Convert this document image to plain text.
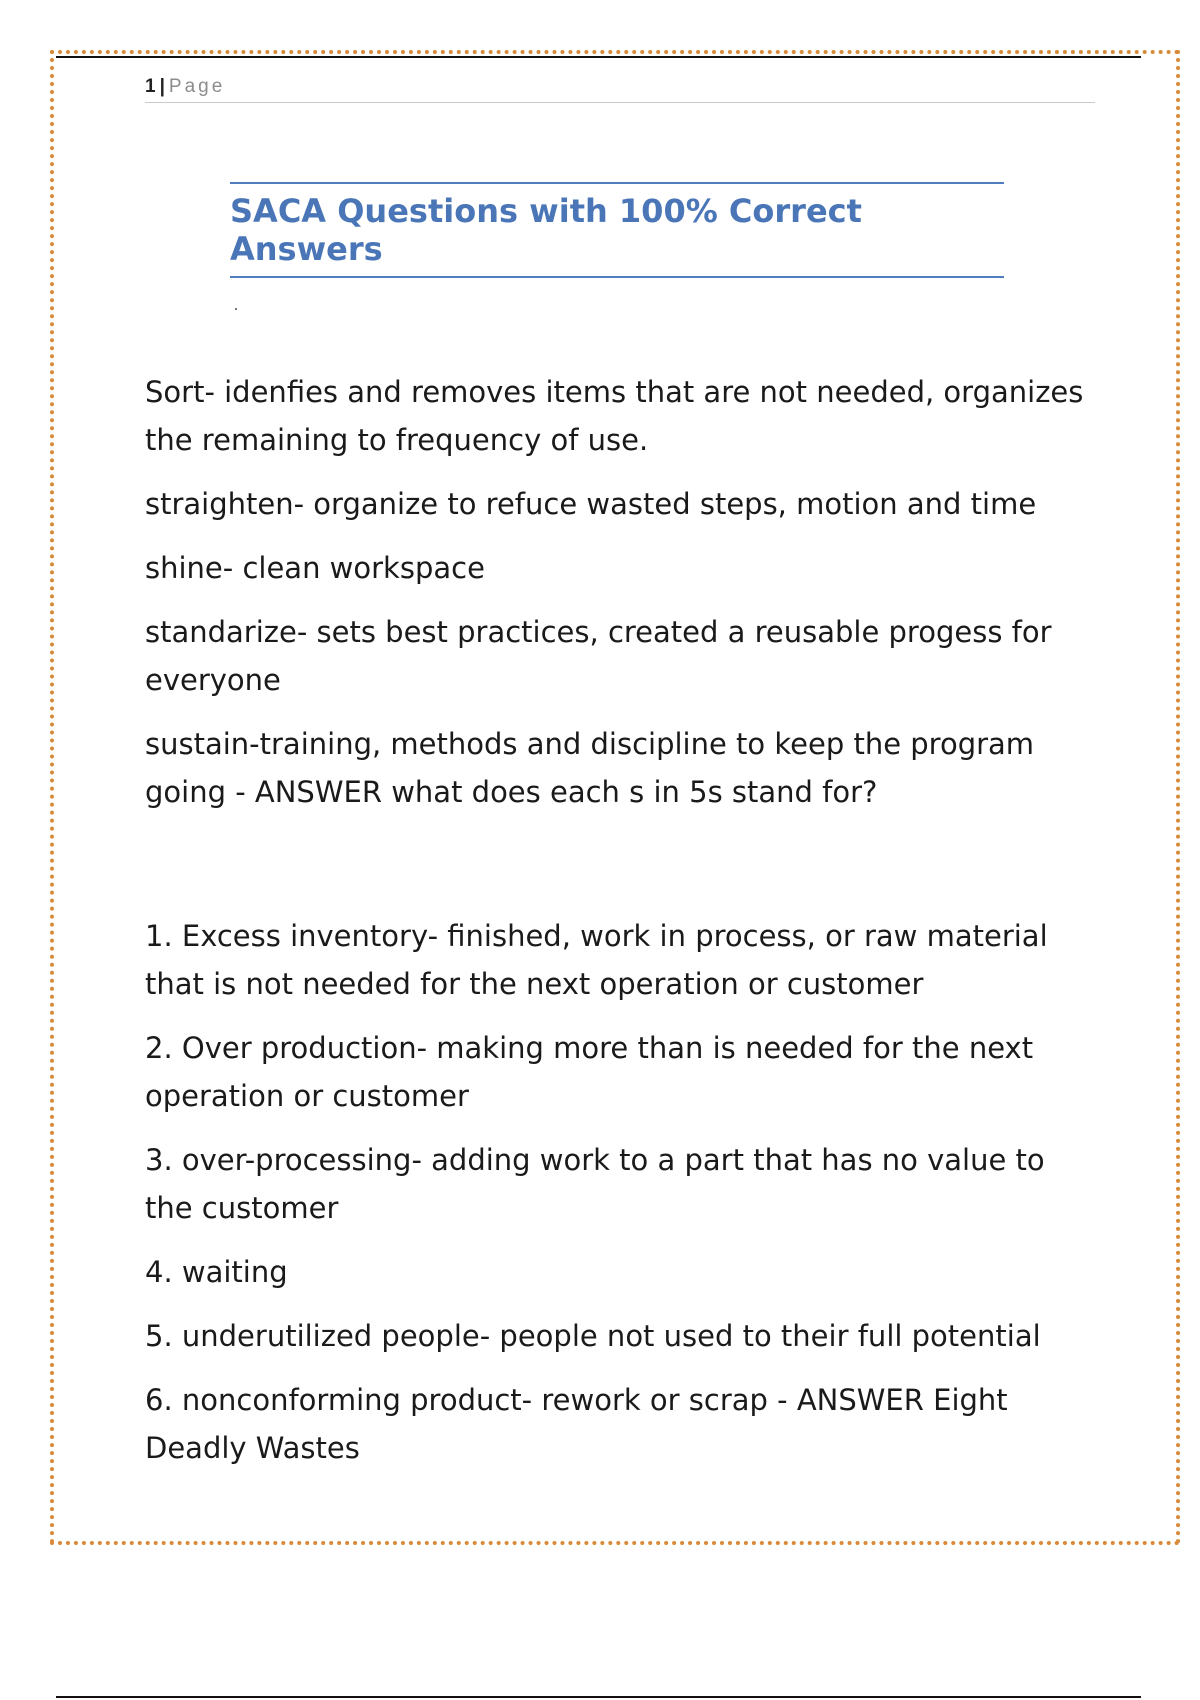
1 | Page
SACA Questions with 100% Correct Answers

Sort- idenfies and removes items that are not needed, organizes the remaining to frequency of use.

straighten- organize to refuce wasted steps, motion and time

shine- clean workspace

standarize- sets best practices, created a reusable progess for everyone

sustain-training, methods and discipline to keep the program going - ANSWER what does each s in 5s stand for?

1. Excess inventory- finished, work in process, or raw material that is not needed for the next operation or customer

2. Over production- making more than is needed for the next operation or customer

3. over-processing- adding work to a part that has no value to the customer

4. waiting

5. underutilized people- people not used to their full potential

6. nonconforming product- rework or scrap - ANSWER Eight Deadly Wastes
